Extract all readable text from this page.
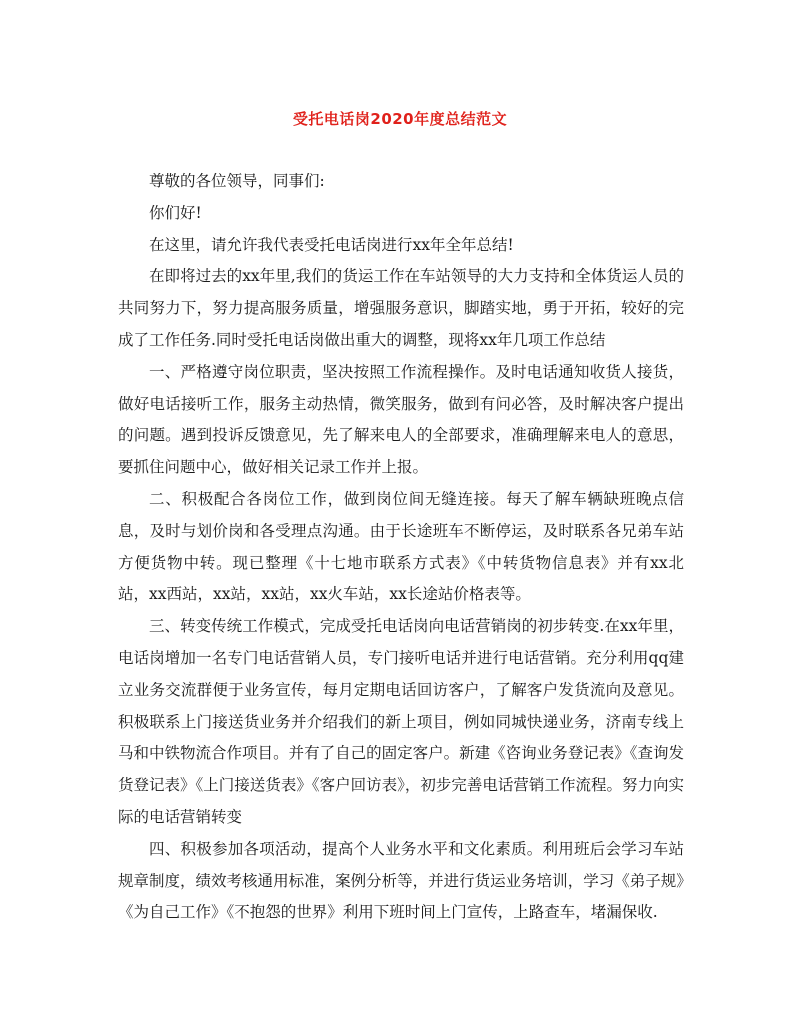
受托电话岗2020年度总结范文

尊敬的各位领导，同事们:

你们好!

在这里，请允许我代表受托电话岗进行xx年全年总结!

在即将过去的xx年里,我们的货运工作在车站领导的大力支持和全体货运人员的共同努力下，努力提高服务质量，增强服务意识，脚踏实地，勇于开拓，较好的完成了工作任务.同时受托电话岗做出重大的调整，现将xx年几项工作总结

一、严格遵守岗位职责，坚决按照工作流程操作。及时电话通知收货人接货，做好电话接听工作，服务主动热情，微笑服务，做到有问必答，及时解决客户提出的问题。遇到投诉反馈意见，先了解来电人的全部要求，准确理解来电人的意思，要抓住问题中心，做好相关记录工作并上报。

二、积极配合各岗位工作，做到岗位间无缝连接。每天了解车辆缺班晚点信息，及时与划价岗和各受理点沟通。由于长途班车不断停运，及时联系各兄弟车站方便货物中转。现已整理《十七地市联系方式表》《中转货物信息表》并有xx北站，xx西站，xx站，xx站，xx火车站，xx长途站价格表等。

三、转变传统工作模式，完成受托电话岗向电话营销岗的初步转变.在xx年里，电话岗增加一名专门电话营销人员，专门接听电话并进行电话营销。充分利用qq建立业务交流群便于业务宣传，每月定期电话回访客户，了解客户发货流向及意见。积极联系上门接送货业务并介绍我们的新上项目，例如同城快递业务，济南专线上马和中铁物流合作项目。并有了自己的固定客户。新建《咨询业务登记表》《查询发货登记表》《上门接送货表》《客户回访表》，初步完善电话营销工作流程。努力向实际的电话营销转变

四、积极参加各项活动，提高个人业务水平和文化素质。利用班后会学习车站规章制度，绩效考核通用标准，案例分析等，并进行货运业务培训，学习《弟子规》《为自己工作》《不抱怨的世界》利用下班时间上门宣传，上路查车，堵漏保收.
